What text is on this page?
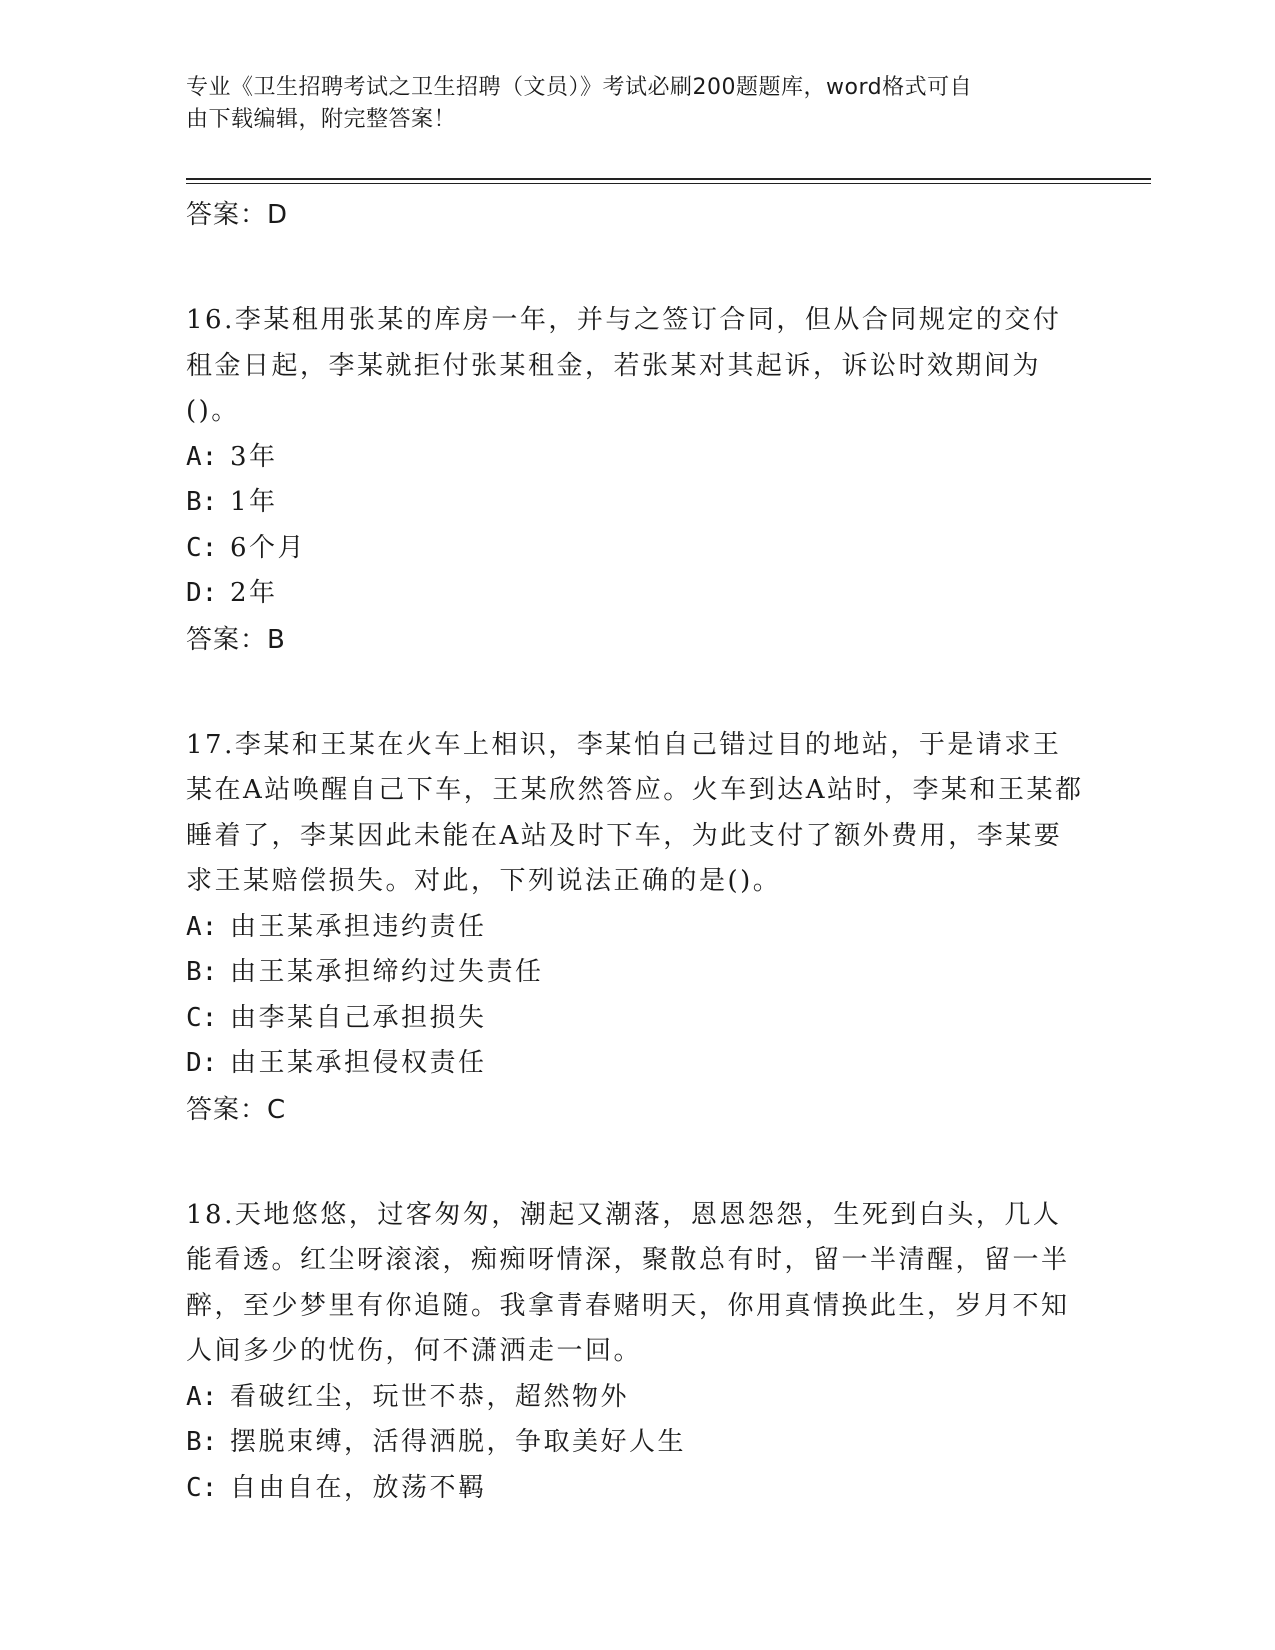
专业《卫生招聘考试之卫生招聘（文员）》考试必刷200题题库，word格式可自
由下载编辑，附完整答案！

答案：D

16.李某租用张某的库房一年，并与之签订合同，但从合同规定的交付租金日起，李某就拒付张某租金，若张某对其起诉，诉讼时效期间为()。

A: 3年

B: 1年

C: 6个月

D: 2年

答案：B

17.李某和王某在火车上相识，李某怕自己错过目的地站，于是请求王某在A站唤醒自己下车，王某欣然答应。火车到达A站时，李某和王某都睡着了，李某因此未能在A站及时下车，为此支付了额外费用，李某要求王某赔偿损失。对此，下列说法正确的是()。

A: 由王某承担违约责任

B: 由王某承担缔约过失责任

C: 由李某自己承担损失

D: 由王某承担侵权责任

答案：C

18.天地悠悠，过客匆匆，潮起又潮落，恩恩怨怨，生死到白头，几人能看透。红尘呀滚滚，痴痴呀情深，聚散总有时，留一半清醒，留一半醉，至少梦里有你追随。我拿青春赌明天，你用真情换此生，岁月不知人间多少的忧伤，何不潇洒走一回。

A: 看破红尘，玩世不恭，超然物外

B: 摆脱束缚，活得洒脱，争取美好人生

C: 自由自在，放荡不羁
